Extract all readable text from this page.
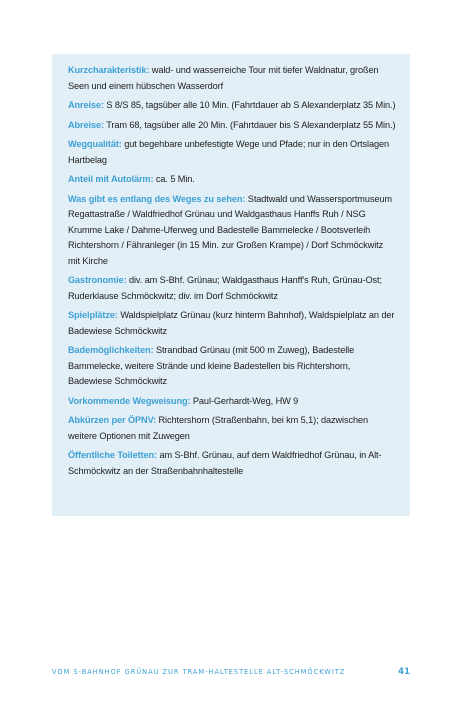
Kurzcharakteristik: wald- und wasserreiche Tour mit tiefer Waldnatur, großen Seen und einem hübschen Wasserdorf

Anreise: S 8/S 85, tagsüber alle 10 Min. (Fahrtdauer ab S Alexanderplatz 35 Min.)

Abreise: Tram 68, tagsüber alle 20 Min. (Fahrtdauer bis S Alexanderplatz 55 Min.)

Wegqualität: gut begehbare unbefestigte Wege und Pfade; nur in den Ortslagen Hartbelag

Anteil mit Autolärm: ca. 5 Min.

Was gibt es entlang des Weges zu sehen: Stadtwald und Wassersportmuseum Regattastraße / Waldfriedhof Grünau und Waldgasthaus Hanffs Ruh / NSG Krumme Lake / Dahme-Uferweg und Badestelle Bammelecke / Bootsverleih Richtershorn / Fähranleger (in 15 Min. zur Großen Krampe) / Dorf Schmöckwitz mit Kirche

Gastronomie: div. am S-Bhf. Grünau; Waldgasthaus Hanff's Ruh, Grünau-Ost; Ruderklause Schmöckwitz; div. im Dorf Schmöckwitz

Spielplätze: Waldspielplatz Grünau (kurz hinterm Bahnhof), Waldspielplatz an der Badewiese Schmöckwitz

Bademöglichkeiten: Strandbad Grünau (mit 500 m Zuweg), Badestelle Bammelecke, weitere Strände und kleine Badestellen bis Richtershorn, Badewiese Schmöckwitz

Vorkommende Wegweisung: Paul-Gerhardt-Weg, HW 9

Abkürzen per ÖPNV: Richtershorn (Straßenbahn, bei km 5,1); dazwischen weitere Optionen mit Zuwegen

Öffentliche Toiletten: am S-Bhf. Grünau, auf dem Waldfriedhof Grünau, in Alt-Schmöckwitz an der Straßenbahnhaltestelle

VOM S-BAHNHOF GRÜNAU ZUR TRAM-HALTESTELLE ALT-SCHMÖCKWITZ	41
